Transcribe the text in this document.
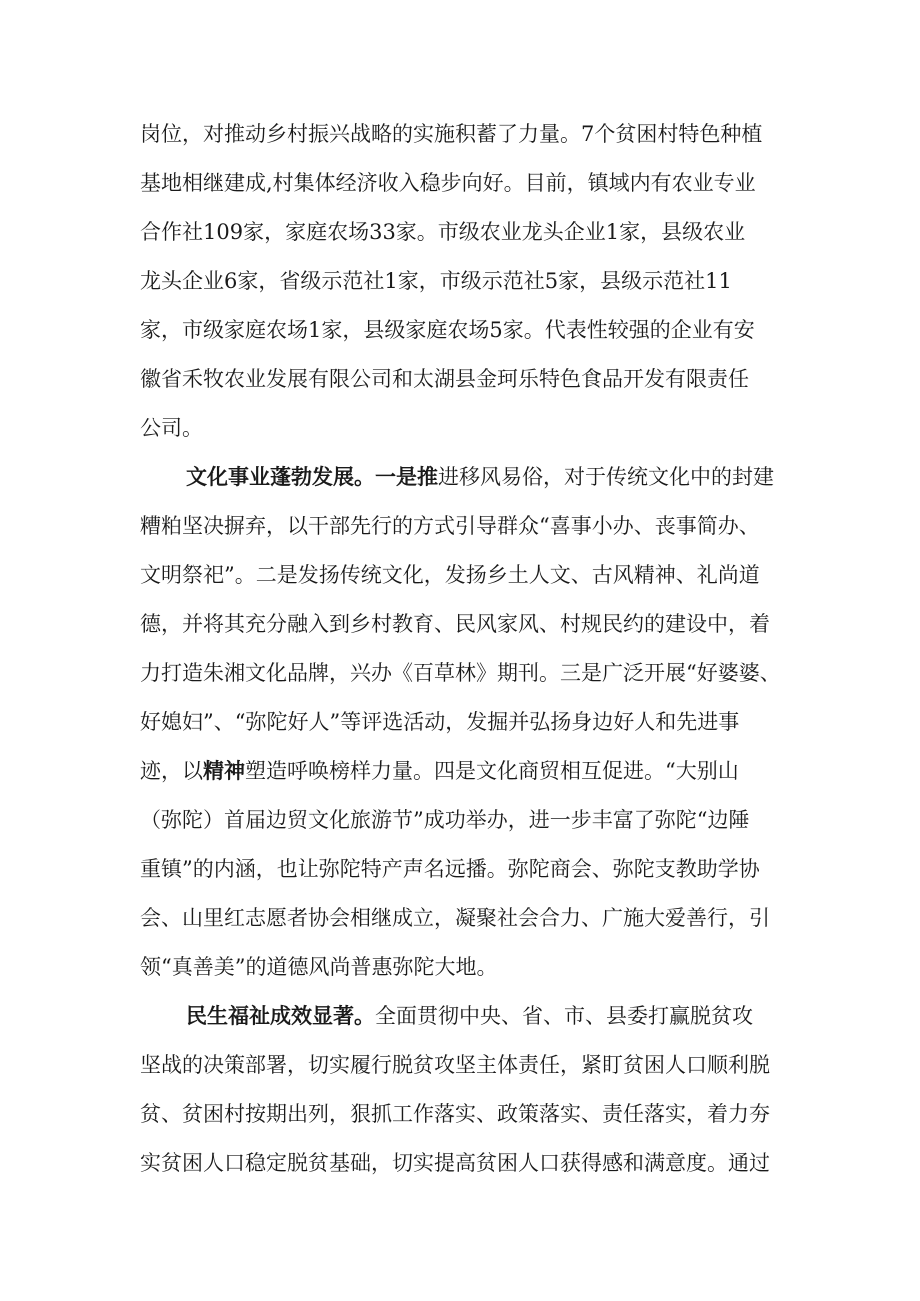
岗位，对推动乡村振兴战略的实施积蓄了力量。7个贫困村特色种植
基地相继建成,村集体经济收入稳步向好。目前，镇域内有农业专业
合作社109家，家庭农场33家。市级农业龙头企业1家，县级农业
龙头企业6家，省级示范社1家，市级示范社5家，县级示范社11
家，市级家庭农场1家，县级家庭农场5家。代表性较强的企业有安
徽省禾牧农业发展有限公司和太湖县金珂乐特色食品开发有限责任
公司。
文化事业蓬勃发展。一是推进移风易俗，对于传统文化中的封建
糟粕坚决摒弃，以干部先行的方式引导群众“喜事小办、丧事简办、
文明祭祀”。二是发扬传统文化，发扬乡土人文、古风精神、礼尚道
德，并将其充分融入到乡村教育、民风家风、村规民约的建设中，着
力打造朱湘文化品牌，兴办《百草林》期刊。三是广泛开展“好婆婆、
好媳妇”、“弥陀好人”等评选活动，发掘并弘扬身边好人和先进事
迹，以精神塑造呼唤榜样力量。四是文化商贸相互促进。“大别山
（弥陀）首届边贸文化旅游节”成功举办，进一步丰富了弥陀“边陲
重镇”的内涵，也让弥陀特产声名远播。弥陀商会、弥陀支教助学协
会、山里红志愿者协会相继成立，凝聚社会合力、广施大爱善行，引
领“真善美”的道德风尚普惠弥陀大地。
民生福祉成效显著。全面贯彻中央、省、市、县委打赢脱贫攻
坚战的决策部署，切实履行脱贫攻坚主体责任，紧盯贫困人口顺利脱
贫、贫困村按期出列，狠抓工作落实、政策落实、责任落实，着力夯
实贫困人口稳定脱贫基础，切实提高贫困人口获得感和满意度。通过
